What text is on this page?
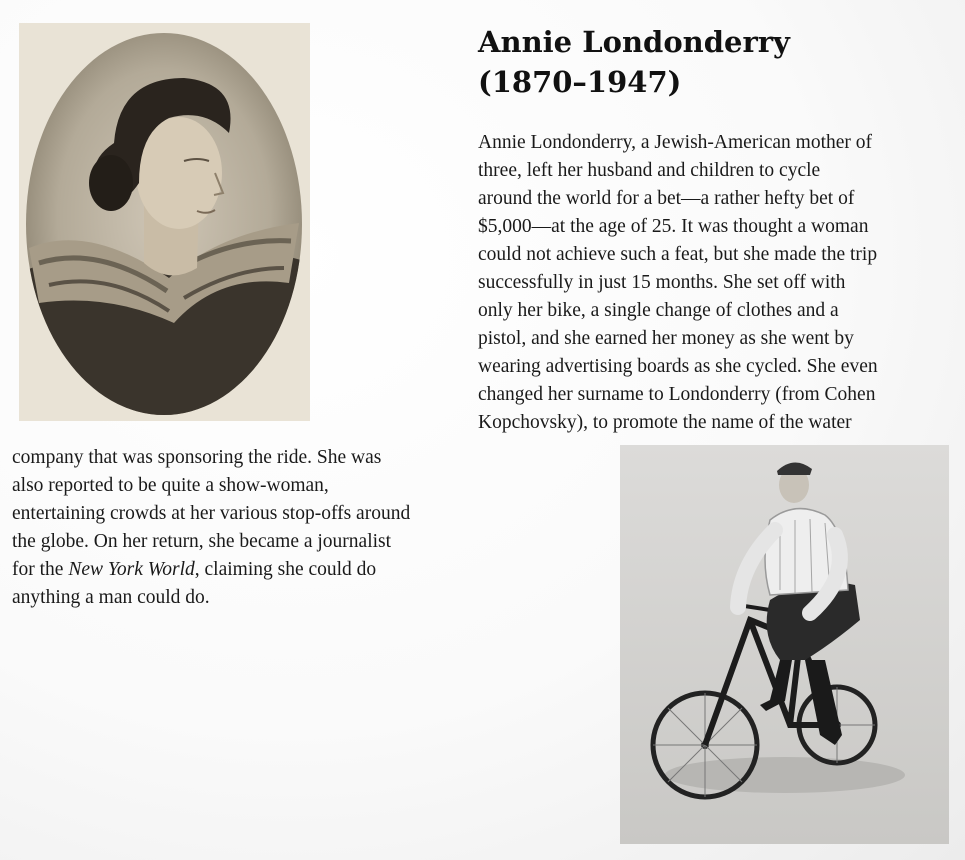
Annie Londonderry
(1870–1947)

Annie Londonderry, a Jewish-American mother of
three, left her husband and children to cycle
around the world for a bet—a rather hefty bet of
$5,000—at the age of 25. It was thought a woman
could not achieve such a feat, but she made the trip
successfully in just 15 months. She set off with
only her bike, a single change of clothes and a
pistol, and she earned her money as she went by
wearing advertising boards as she cycled. She even
changed her surname to Londonderry (from Cohen
Kopchovsky), to promote the name of the water

company that was sponsoring the ride. She was
also reported to be quite a show-woman,
entertaining crowds at her various stop-offs around
the globe. On her return, she became a journalist
for the New York World, claiming she could do
anything a man could do.
